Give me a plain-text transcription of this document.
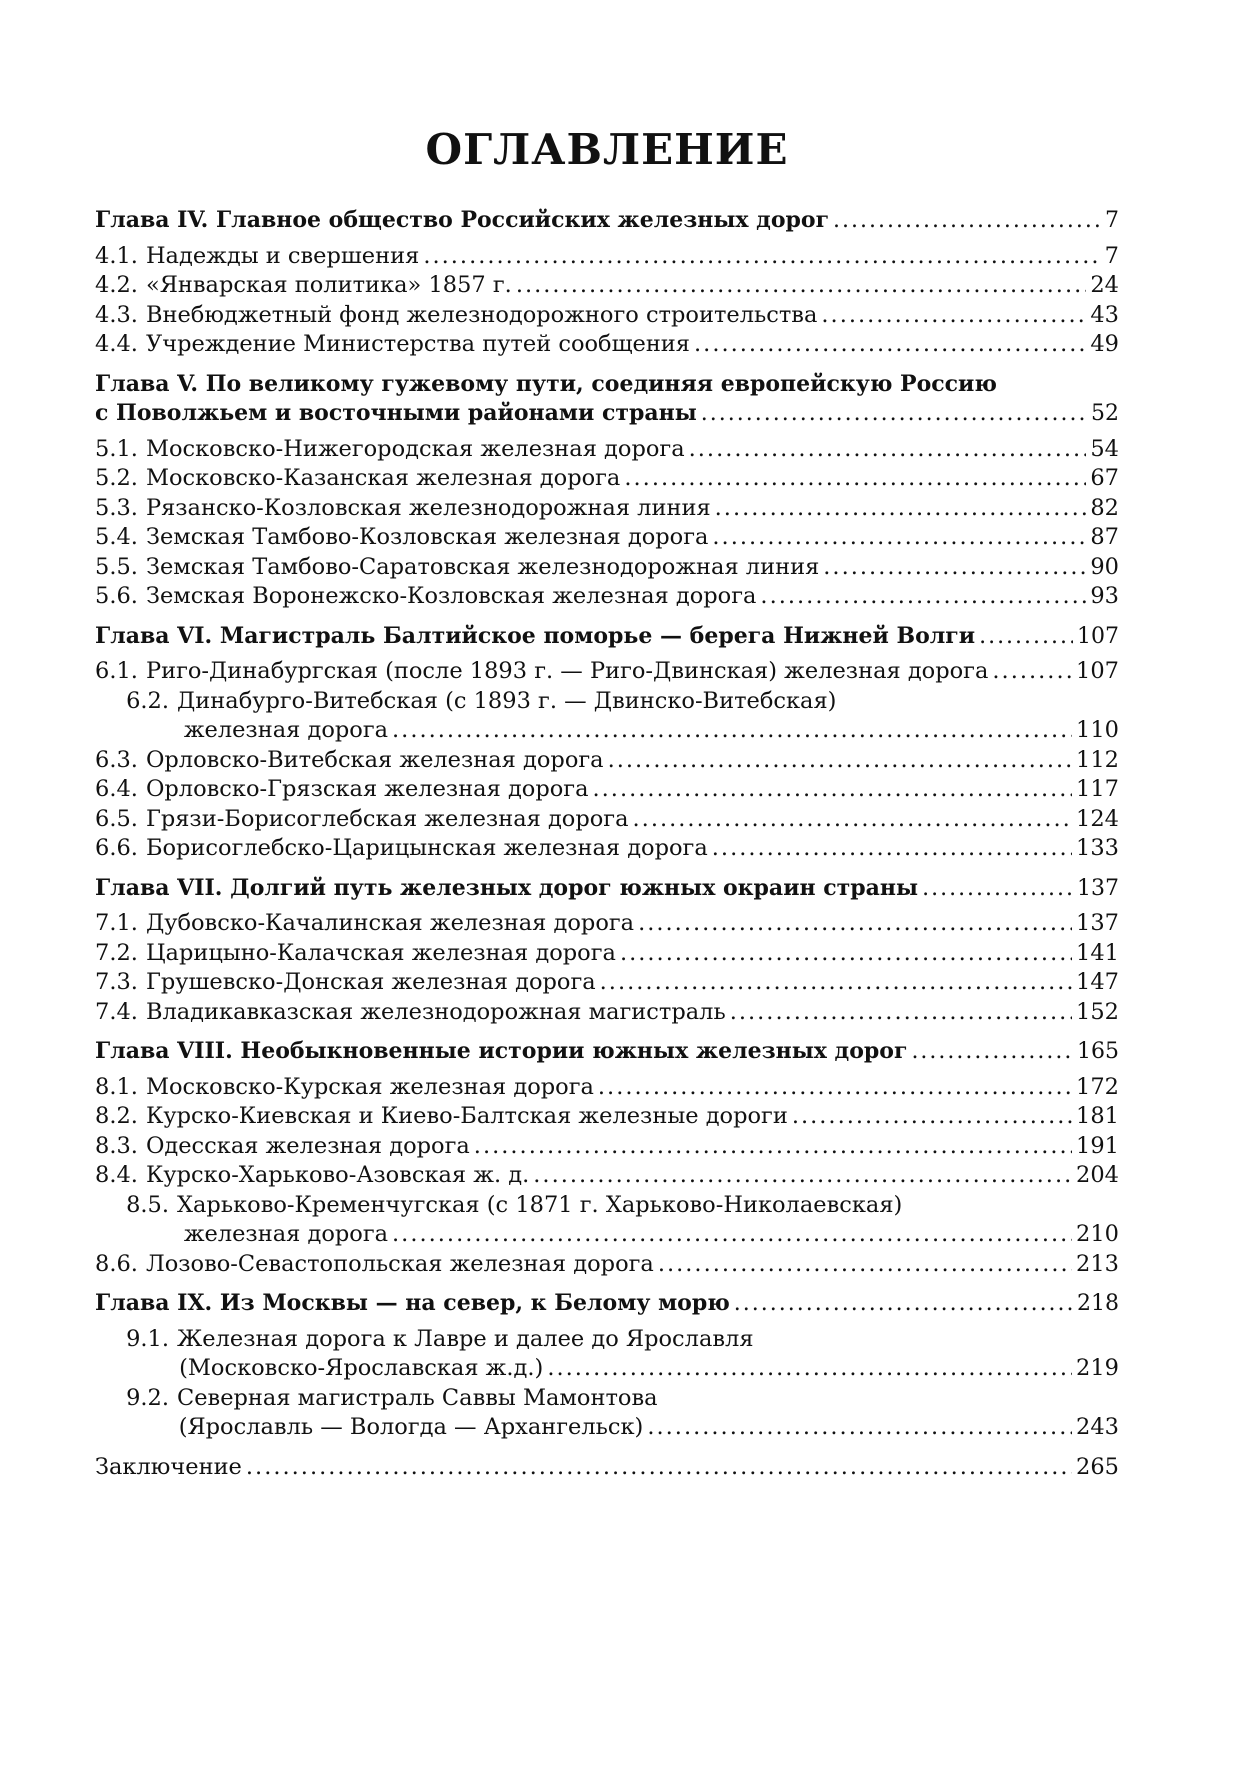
ОГЛАВЛЕНИЕ
Глава IV. Главное общество Российских железных дорог .....	7
4.1. Надежды и свершения .....	7
4.2. «Январская политика» 1857 г. .....	24
4.3. Внебюджетный фонд железнодорожного строительства .....	43
4.4. Учреждение Министерства путей сообщения .....	49
Глава V. По великому гужевому пути, соединяя европейскую Россию
с Поволжьем и восточными районами страны .....	52
5.1. Московско-Нижегородская железная дорога .....	54
5.2. Московско-Казанская железная дорога .....	67
5.3. Рязанско-Козловская железнодорожная линия .....	82
5.4. Земская Тамбово-Козловская железная дорога .....	87
5.5. Земская Тамбово-Саратовская железнодорожная линия .....	90
5.6. Земская Воронежско-Козловская железная дорога .....	93
Глава VI. Магистраль Балтийское поморье — берега Нижней Волги .....	107
6.1. Риго-Динабургская (после 1893 г. — Риго-Двинская) железная дорога .....	107
6.2. Динабурго-Витебская (с 1893 г. — Двинско-Витебская)
железная дорога .....	110
6.3. Орловско-Витебская железная дорога .....	112
6.4. Орловско-Грязская железная дорога .....	117
6.5. Грязи-Борисоглебская железная дорога .....	124
6.6. Борисоглебско-Царицынская железная дорога .....	133
Глава VII. Долгий путь железных дорог южных окраин страны .....	137
7.1. Дубовско-Качалинская железная дорога .....	137
7.2. Царицыно-Калачская железная дорога .....	141
7.3. Грушевско-Донская железная дорога .....	147
7.4. Владикавказская железнодорожная магистраль .....	152
Глава VIII. Необыкновенные истории южных железных дорог .....	165
8.1. Московско-Курская железная дорога .....	172
8.2. Курско-Киевская и Киево-Балтская железные дороги .....	181
8.3. Одесская железная дорога .....	191
8.4. Курско-Харьково-Азовская ж. д. .....	204
8.5. Харьково-Кременчугская (с 1871 г. Харьково-Николаевская)
железная дорога .....	210
8.6. Лозово-Севастопольская железная дорога .....	213
Глава IX. Из Москвы — на север, к Белому морю .....	218
9.1. Железная дорога к Лавре и далее до Ярославля
(Московско-Ярославская ж.д.) .....	219
9.2. Северная магистраль Саввы Мамонтова
(Ярославль — Вологда — Архангельск) .....	243
Заключение .....	265
